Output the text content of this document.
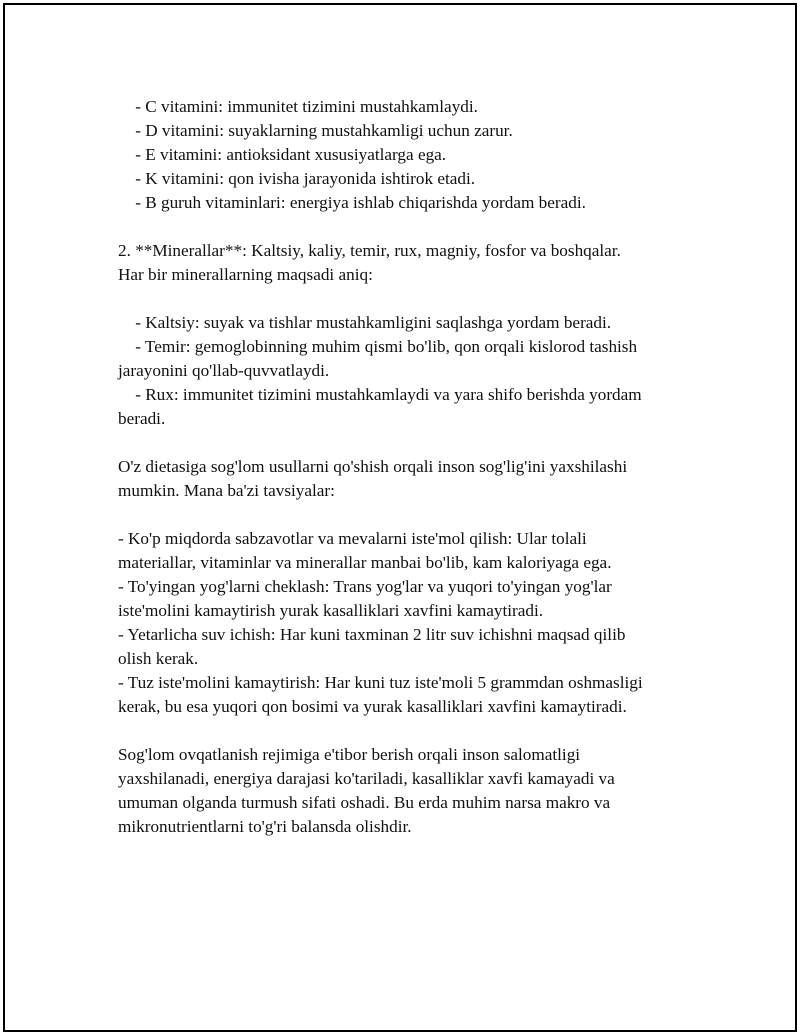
- C vitamini: immunitet tizimini mustahkamlaydi.

- D vitamini: suyaklarning mustahkamligi uchun zarur.

- E vitamini: antioksidant xususiyatlarga ega.

- K vitamini: qon ivisha jarayonida ishtirok etadi.

- B guruh vitaminlari: energiya ishlab chiqarishda yordam beradi.

2. **Minerallar**: Kaltsiy, kaliy, temir, rux, magniy, fosfor va boshqalar.

Har bir minerallarning maqsadi aniq:

- Kaltsiy: suyak va tishlar mustahkamligini saqlashga yordam beradi.

- Temir: gemoglobinning muhim qismi bo'lib, qon orqali kislorod tashish

jarayonini qo'llab-quvvatlaydi.

- Rux: immunitet tizimini mustahkamlaydi va yara shifo berishda yordam

beradi.

O'z dietasiga sog'lom usullarni qo'shish orqali inson sog'lig'ini yaxshilashi

mumkin. Mana ba'zi tavsiyalar:

- Ko'p miqdorda sabzavotlar va mevalarni iste'mol qilish: Ular tolali

materiallar, vitaminlar va minerallar manbai bo'lib, kam kaloriyaga ega.

- To'yingan yog'larni cheklash: Trans yog'lar va yuqori to'yingan yog'lar

iste'molini kamaytirish yurak kasalliklari xavfini kamaytiradi.

- Yetarlicha suv ichish: Har kuni taxminan 2 litr suv ichishni maqsad qilib

olish kerak.

- Tuz iste'molini kamaytirish: Har kuni tuz iste'moli 5 grammdan oshmasligi

kerak, bu esa yuqori qon bosimi va yurak kasalliklari xavfini kamaytiradi.

Sog'lom ovqatlanish rejimiga e'tibor berish orqali inson salomatligi

yaxshilanadi, energiya darajasi ko'tariladi, kasalliklar xavfi kamayadi va

umuman olganda turmush sifati oshadi. Bu erda muhim narsa makro va

mikronutrientlarni to'g'ri balansda olishdir.
